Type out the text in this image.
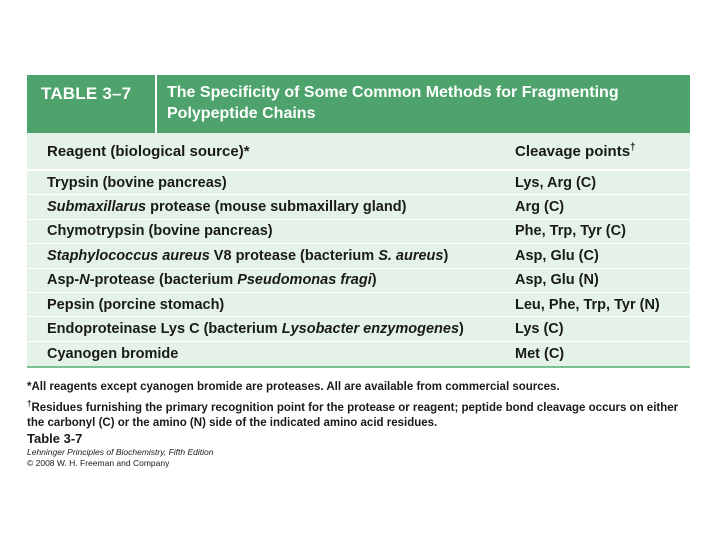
TABLE 3–7	The Specificity of Some Common Methods for Fragmenting
Polypeptide Chains
Reagent (biological source)*	Cleavage points†
Trypsin (bovine pancreas)	Lys, Arg (C)
Submaxillarus protease (mouse submaxillary gland)	Arg (C)
Chymotrypsin (bovine pancreas)	Phe, Trp, Tyr (C)
Staphylococcus aureus V8 protease (bacterium S. aureus)	Asp, Glu (C)
Asp-N-protease (bacterium Pseudomonas fragi)	Asp, Glu (N)
Pepsin (porcine stomach)	Leu, Phe, Trp, Tyr (N)
Endoproteinase Lys C (bacterium Lysobacter enzymogenes)	Lys (C)
Cyanogen bromide	Met (C)
*All reagents except cyanogen bromide are proteases. All are available from commercial sources.
†Residues furnishing the primary recognition point for the protease or reagent; peptide bond cleavage occurs on either
the carbonyl (C) or the amino (N) side of the indicated amino acid residues.
Table 3-7
Lehninger Principles of Biochemistry, Fifth Edition
© 2008 W. H. Freeman and Company
